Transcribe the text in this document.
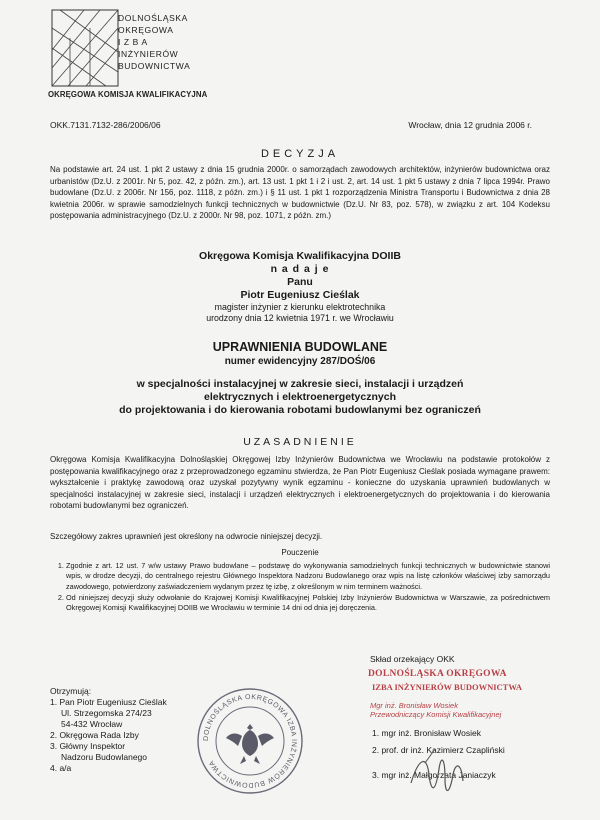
DOLNOŚLĄSKA
OKRĘGOWA
I Z B A
INŻYNIERÓW
BUDOWNICTWA
OKRĘGOWA KOMISJA KWALIFIKACYJNA
OKK.7131.7132-286/2006/06	Wrocław, dnia 12 grudnia 2006 r.
DECYZJA
Na podstawie art. 24 ust. 1 pkt 2 ustawy z dnia 15 grudnia 2000r. o samorządach zawodowych architektów, inżynierów budownictwa oraz urbanistów (Dz.U. z 2001r. Nr 5, poz. 42, z późn. zm.), art. 13 ust. 1 pkt 1 i 2 i ust. 2, art. 14 ust. 1 pkt 5 ustawy z dnia 7 lipca 1994r. Prawo budowlane (Dz.U. z 2006r. Nr 156, poz. 1118, z późn. zm.) i § 11 ust. 1 pkt 1 rozporządzenia Ministra Transportu i Budownictwa z dnia 28 kwietnia 2006r. w sprawie samodzielnych funkcji technicznych w budownictwie (Dz.U. Nr 83, poz. 578), w związku z art. 104 Kodeksu postępowania administracyjnego (Dz.U. z 2000r. Nr 98, poz. 1071, z późn. zm.)
Okręgowa Komisja Kwalifikacyjna DOIIB
n a d a j e
Panu
Piotr Eugeniusz Cieślak
magister inżynier z kierunku elektrotechnika
urodzony dnia 12 kwietnia 1971 r. we Wrocławiu
UPRAWNIENIA BUDOWLANE
numer ewidencyjny 287/DOŚ/06
w specjalności instalacyjnej w zakresie sieci, instalacji i urządzeń
elektrycznych i elektroenergetycznych
do projektowania i do kierowania robotami budowlanymi bez ograniczeń
UZASADNIENIE
Okręgowa Komisja Kwalifikacyjna Dolnośląskiej Okręgowej Izby Inżynierów Budownictwa we Wrocławiu na podstawie protokołów z postępowania kwalifikacyjnego oraz z przeprowadzonego egzaminu stwierdza, że Pan Piotr Eugeniusz Cieślak posiada wymagane prawem: wykształcenie i praktykę zawodową oraz uzyskał pozytywny wynik egzaminu - konieczne do uzyskania uprawnień budowlanych w specjalności instalacyjnej w zakresie sieci, instalacji i urządzeń elektrycznych i elektroenergetycznych do projektowania i do kierowania robotami budowlanymi bez ograniczeń.
Szczegółowy zakres uprawnień jest określony na odwrocie niniejszej decyzji.
Pouczenie
1. Zgodnie z art. 12 ust. 7 w/w ustawy Prawo budowlane – podstawę do wykonywania samodzielnych funkcji technicznych w budownictwie stanowi wpis, w drodze decyzji, do centralnego rejestru Głównego Inspektora Nadzoru Budowlanego oraz wpis na listę członków właściwej izby samorządu zawodowego, potwierdzony zaświadczeniem wydanym przez tę izbę, z określonym w nim terminem ważności.
2. Od niniejszej decyzji służy odwołanie do Krajowej Komisji Kwalifikacyjnej Polskiej Izby Inżynierów Budownictwa w Warszawie, za pośrednictwem Okręgowej Komisji Kwalifikacyjnej DOIIB we Wrocławiu w terminie 14 dni od dnia jej doręczenia.
Skład orzekający OKK
DOLNOŚLĄSKA OKRĘGOWA
IZBA INŻYNIERÓW BUDOWNICTWA
Mgr inż. Bronisław Wosiek
Przewodniczący Komisji Kwalifikacyjnej
1. mgr inż. Bronisław Wosiek
2. prof. dr inż. Kazimierz Czapliński
3. mgr inż. Małgorzata Janiaczyk
Otrzymują:
1. Pan Piotr Eugeniusz Cieślak
Ul. Strzegomska 274/23
54-432 Wrocław
2. Okręgowa Rada Izby
3. Główny Inspektor
Nadzoru Budowlanego
4. a/a
DOLNOŚLĄSKA OKRĘGOWA IZBA INŻYNIERÓW BUDOWNICTWA
